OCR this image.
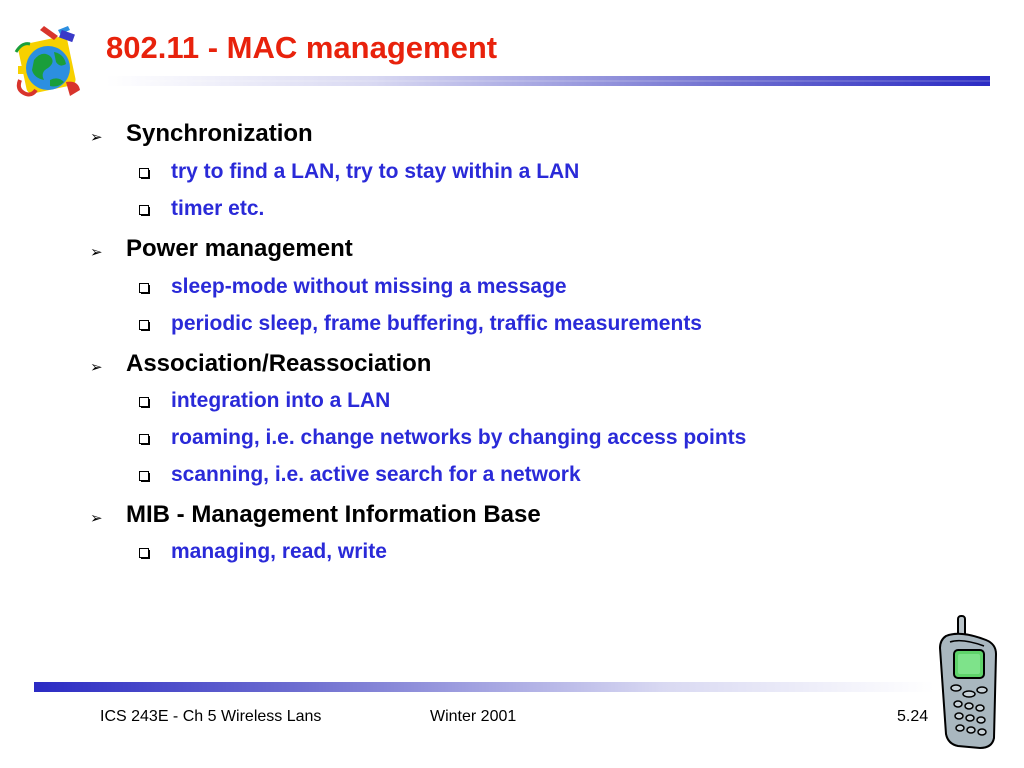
802.11 - MAC management
➢ Synchronization
try to find a LAN, try to stay within a LAN
timer etc.
➢ Power management
sleep-mode without missing a message
periodic sleep, frame buffering, traffic measurements
➢ Association/Reassociation
integration into a LAN
roaming, i.e. change networks by changing access points
scanning, i.e. active search for a network
➢ MIB - Management Information Base
managing, read, write
ICS 243E - Ch 5 Wireless Lans	Winter 2001	5.24
